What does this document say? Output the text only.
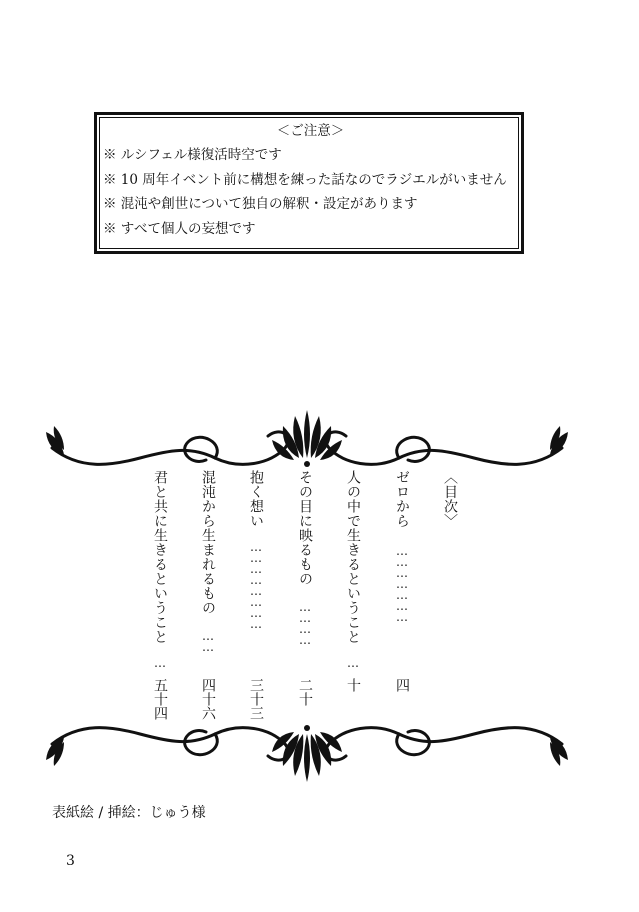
＜ご注意＞
※ ルシフェル様復活時空です
※ 10 周年イベント前に構想を練った話なのでラジエルがいません
※ 混沌や創世について独自の解釈・設定があります
※ すべて個人の妄想です
〈目次〉
ゼロから…………………
四
人の中で生きるということ…
十
その目に映るもの…………
二十
抱く想い……………………
三十三
混沌から生まれるもの……
四十六
君と共に生きるということ…
五十四
表紙絵 / 挿絵：じゅう様
3
